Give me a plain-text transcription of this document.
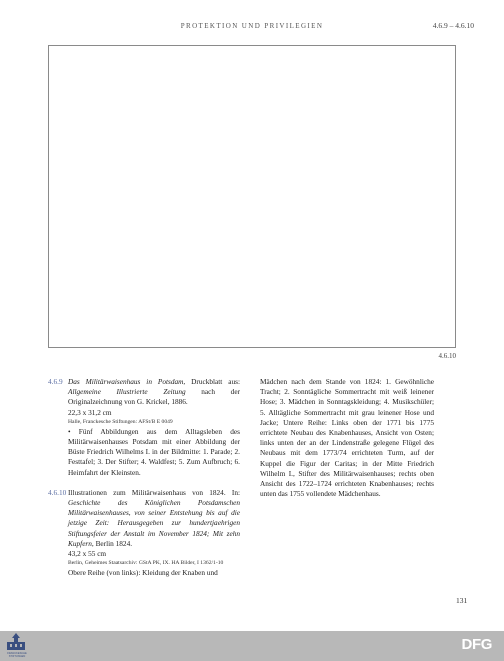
PROTEKTION UND PRIVILEGIEN	4.6.9 – 4.6.10
4.6.10
4.6.9 Das Militärwaisenhaus in Potsdam, Druckblatt aus: Allgemeine Illustrierte Zeitung nach der Originalzeichnung von G. Krickel, 1886.

22,3 x 31,2 cm

Halle, Franckesche Stiftungen: AFSt/B E 0049

• Fünf Abbildungen aus dem Alltagsleben des Militärwaisenhauses Potsdam mit einer Abbildung der Büste Friedrich Wilhelms I. in der Bildmitte: 1. Parade; 2. Festtafel; 3. Der Stifter; 4. Waldfest; 5. Zum Aufbruch; 6. Heimfahrt der Kleinsten.

4.6.10 Illustrationen zum Militärwaisenhaus von 1824. In: Geschichte des Königlichen Potsdamschen Militärwaisenhauses, von seiner Entstehung bis auf die jetzige Zeit: Herausgegeben zur hundertjaehrigen Stiftungsfeier der Anstalt im November 1824; Mit zehn Kupfern, Berlin 1824.

43,2 x 55 cm

Berlin, Geheimes Staatsarchiv: GStA PK, IX. HA Bilder, I 1362/1-10

Obere Reihe (von links): Kleidung der Knaben und

Mädchen nach dem Stande von 1824: 1. Gewöhnliche Tracht; 2. Sonntägliche Sommertracht mit weiß leinener Hose; 3. Mädchen in Sonntagskleidung; 4. Musikschüler; 5. Alltägliche Sommertracht mit grau leinener Hose und Jacke; Untere Reihe: Links oben der 1771 bis 1775 errichtete Neubau des Knabenhauses, Ansicht von Osten; links unten der an der Lindenstraße gelegene Flügel des Neubaus mit dem 1773/74 errichteten Turm, auf der Kuppel die Figur der Caritas; in der Mitte Friedrich Wilhelm I., Stifter des Militärwaisenhauses; rechts oben Ansicht des 1722–1724 errichteten Knabenhauses; rechts unten das 1755 vollendete Mädchenhaus.

131
FRANCKESCHE STIFTUNGEN
DFG
